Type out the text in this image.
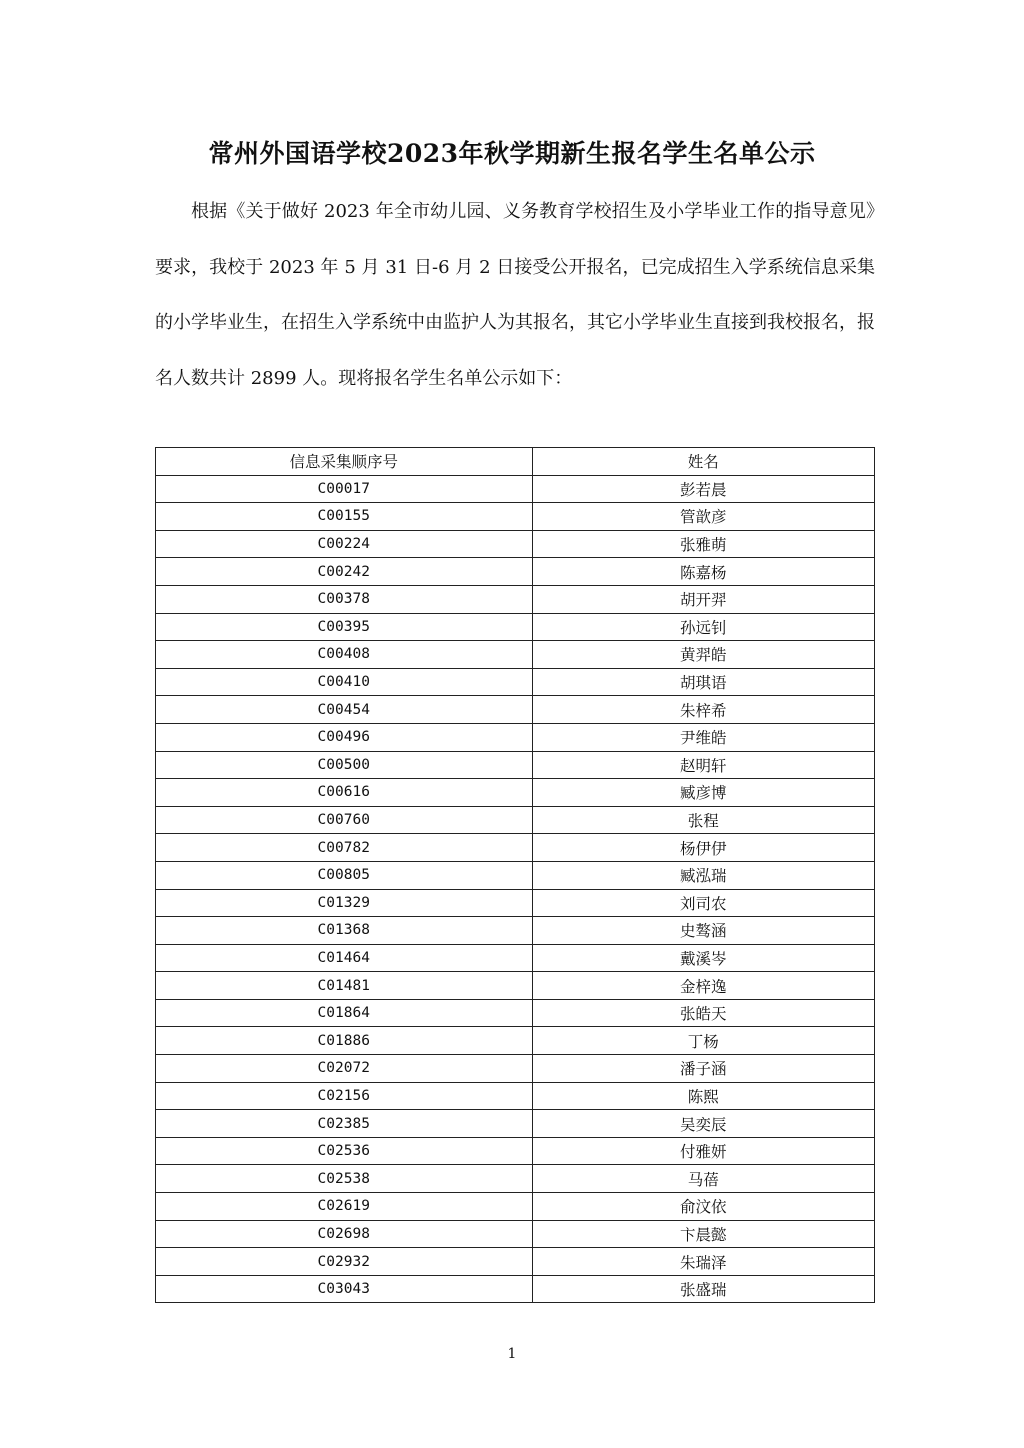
常州外国语学校2023年秋学期新生报名学生名单公示

根据《关于做好 2023 年全市幼儿园、义务教育学校招生及小学毕业工作的指导意见》要求，我校于 2023 年 5 月 31 日-6 月 2 日接受公开报名，已完成招生入学系统信息采集的小学毕业生，在招生入学系统中由监护人为其报名，其它小学毕业生直接到我校报名，报名人数共计 2899 人。现将报名学生名单公示如下：

信息采集顺序号	姓名
C00017	彭若晨
C00155	管歆彦
C00224	张雅萌
C00242	陈嘉杨
C00378	胡开羿
C00395	孙远钊
C00408	黄羿皓
C00410	胡琪语
C00454	朱梓希
C00496	尹维皓
C00500	赵明轩
C00616	臧彦博
C00760	张程
C00782	杨伊伊
C00805	臧泓瑞
C01329	刘司农
C01368	史骜涵
C01464	戴溪岑
C01481	金梓逸
C01864	张皓天
C01886	丁杨
C02072	潘子涵
C02156	陈熙
C02385	吴奕辰
C02536	付雅妍
C02538	马蓓
C02619	俞汶依
C02698	卞晨懿
C02932	朱瑞泽
C03043	张盛瑞
1
